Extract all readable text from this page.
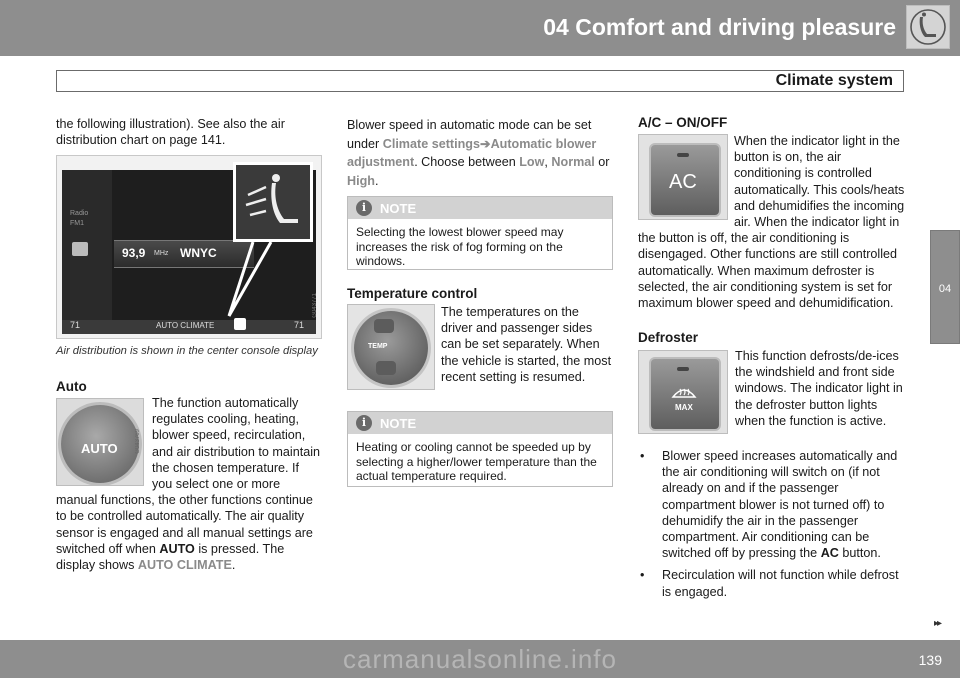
04 Comfort and driving pleasure
Climate system
04

the following illustration). See also the air distribution chart on page 141.

Radio
FM1
93,9 MHz WNYC
71	AUTO CLIMATE	71
G043771
Air distribution is shown in the center console display
Auto
AUTO	G043769

The function automatically regulates cooling, heating, blower speed, recirculation, and air distribution to maintain the chosen temperature. If you select one or more manual functions, the other functions continue to be controlled automatically. The air quality sensor is engaged and all manual settings are switched off when AUTO is pressed. The display shows AUTO CLIMATE.

Blower speed in automatic mode can be set under Climate settings➔Automatic blower adjustment. Choose between Low, Normal or High.

i	NOTE
Selecting the lowest blower speed may increases the risk of fog forming on the windows.
Temperature control
TEMP
The temperatures on the driver and passenger sides can be set separately. When the vehicle is started, the most recent setting is resumed.
i	NOTE
Heating or cooling cannot be speeded up by selecting a higher/lower temperature than the actual temperature required.
A/C – ON/OFF
AC

When the indicator light in the button is on, the air conditioning is controlled automatically. This cools/heats and dehumidifies the incoming air. When the indicator light in the button is off, the air conditioning is disengaged. Other functions are still controlled automatically. When maximum defroster is selected, the air conditioning system is set for maximum blower speed and dehumidification.

Defroster
MAX
This function defrosts/de-ices the windshield and front side windows. The indicator light in the defroster button lights when the function is active.
• Blower speed increases automatically and the air conditioning will switch on (if not already on and if the passenger compartment blower is not turned off) to dehumidify the air in the passenger compartment. Air conditioning can be switched off by pressing the AC button.
• Recirculation will not function while defrost is engaged.
▸▸
139
carmanualsonline.info
